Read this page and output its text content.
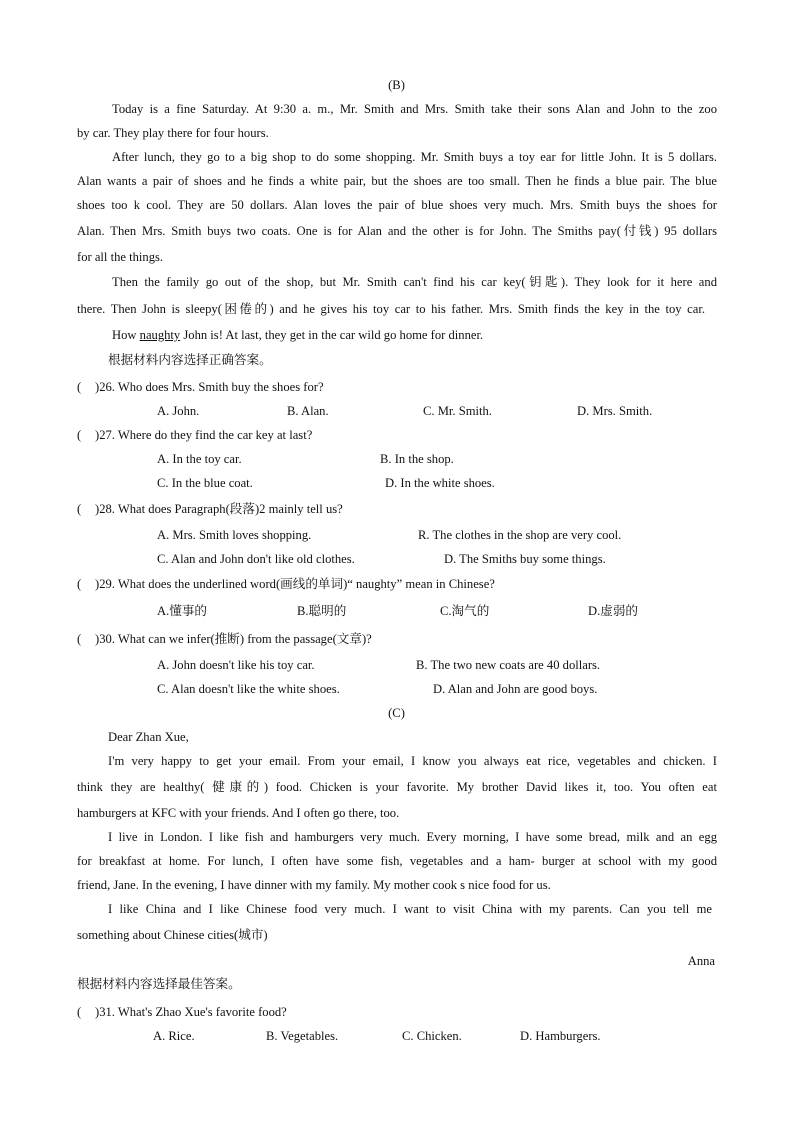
(B)
Today is a fine Saturday. At 9:30 a. m., Mr. Smith and Mrs. Smith take their sons Alan and John to the zoo
by car. They play there for four hours.
After lunch, they go to a big shop to do some shopping. Mr. Smith buys a toy ear for little John. It is 5 dollars.
Alan wants a pair of shoes and he finds a white pair, but the shoes are too small. Then he finds a blue pair. The blue
shoes too k cool. They are 50 dollars. Alan loves the pair of blue shoes very much. Mrs. Smith buys the shoes for
Alan. Then Mrs. Smith buys two coats. One is for Alan and the other is for John. The Smiths pay(付钱) 95 dollars
for all the things.
Then the family go out of the shop, but Mr. Smith can't find his car key(钥匙). They look for it here and
there. Then John is sleepy(困倦的) and he gives his toy car to his father. Mrs. Smith finds the key in the toy car.
How naughty John is! At last, they get in the car wild go home for dinner.
根据材料内容选择正确答案。
( )26. Who does Mrs. Smith buy the shoes for?
A. John.	B. Alan.	C. Mr. Smith.	D. Mrs. Smith.
( )27. Where do they find the car key at last?
A. In the toy car.	B. In the shop.
C. In the blue coat.	D. In the white shoes.
( )28. What does Paragraph(段落)2 mainly tell us?
A. Mrs. Smith loves shopping.	R. The clothes in the shop are very cool.
C. Alan and John don't like old clothes.	D. The Smiths buy some things.
( )29. What does the underlined word(画线的单词)“ naughty” mean in Chinese?
A.懂事的	B.聪明的	C.淘气的	D.虚弱的
( )30. What can we infer(推断) from the passage(文章)?
A. John doesn't like his toy car.	B. The two new coats are 40 dollars.
C. Alan doesn't like the white shoes.	D. Alan and John are good boys.
(C)
Dear Zhan Xue,
I'm very happy to get your email. From your email, I know you always eat rice, vegetables and chicken. I
think they are healthy( 健康的) food. Chicken is your favorite. My brother David likes it, too. You often eat
hamburgers at KFC with your friends. And I often go there, too.
I live in London. I like fish and hamburgers very much. Every morning, I have some bread, milk and an egg
for breakfast at home. For lunch, I often have some fish, vegetables and a ham- burger at school with my good
friend, Jane. In the evening, I have dinner with my family. My mother cook s nice food for us.
I like China and I like Chinese food very much. I want to visit China with my parents. Can you tell me
something about Chinese cities(城市)
Anna
根据材料内容选择最佳答案。
( )31. What's Zhao Xue's favorite food?
A. Rice.	B. Vegetables.	C. Chicken.	D. Hamburgers.
